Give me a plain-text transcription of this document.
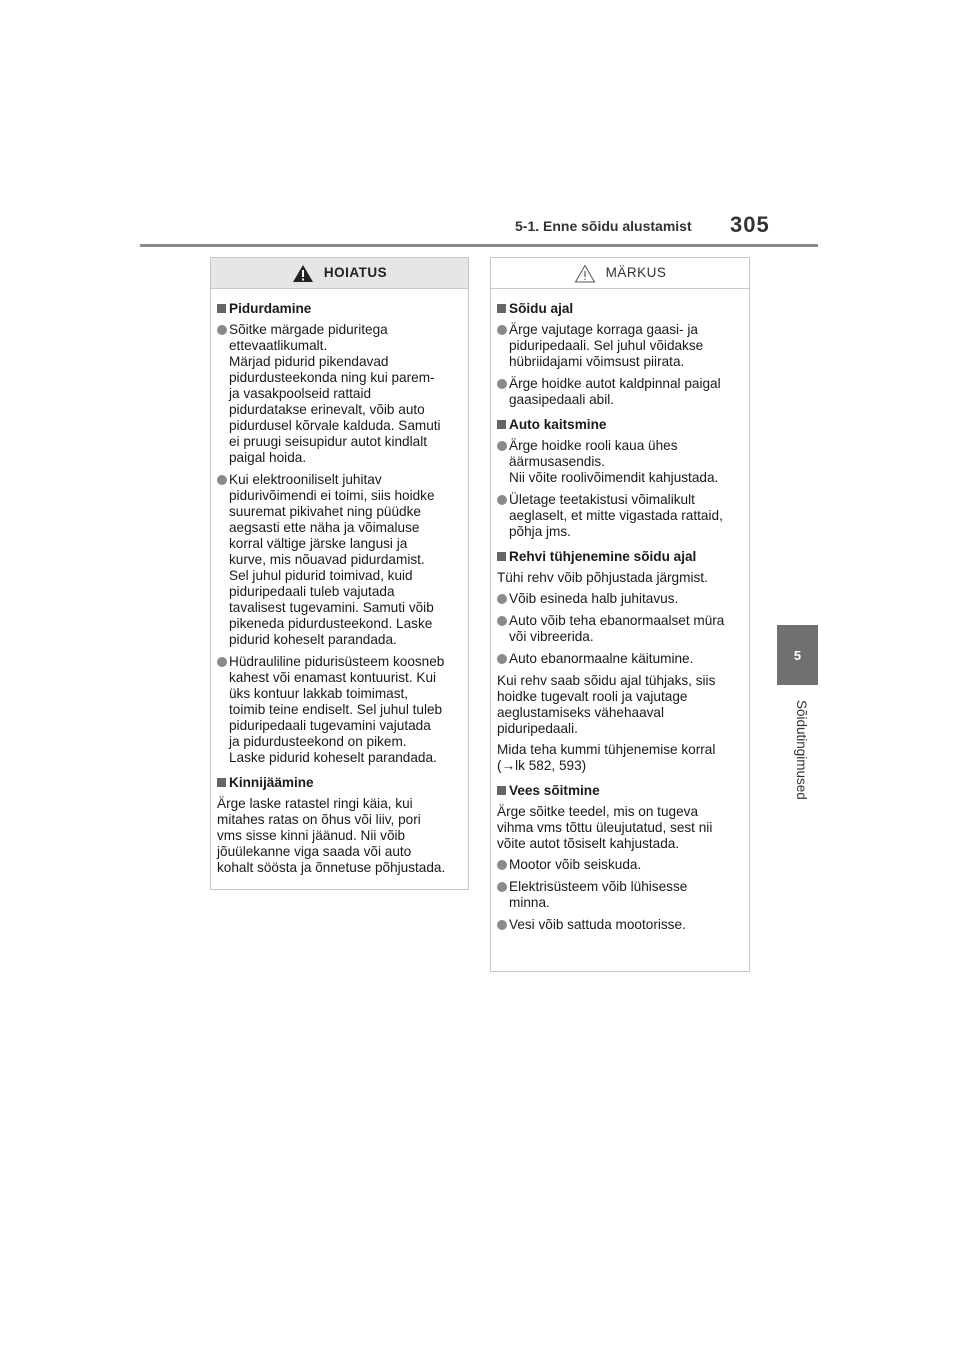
5-1. Enne sõidu alustamist 305
5
Sõidutingimused
HOIATUS
Pidurdamine

Sõitke märgade piduritega

ettevaatlikumalt.

Märjad pidurid pikendavad

pidurdusteekonda ning kui parem-

ja vasakpoolseid rattaid

pidurdatakse erinevalt, võib auto

pidurdusel kõrvale kalduda. Samuti

ei pruugi seisupidur autot kindlalt

paigal hoida.

Kui elektrooniliselt juhitav

pidurivõimendi ei toimi, siis hoidke

suuremat pikivahet ning püüdke

aegsasti ette näha ja võimaluse

korral vältige järske langusi ja

kurve, mis nõuavad pidurdamist.

Sel juhul pidurid toimivad, kuid

piduripedaali tuleb vajutada

tavalisest tugevamini. Samuti võib

pikeneda pidurdusteekond. Laske

pidurid koheselt parandada.

Hüdrauliline pidurisüsteem koosneb

kahest või enamast kontuurist. Kui

üks kontuur lakkab toimimast,

toimib teine endiselt. Sel juhul tuleb

piduripedaali tugevamini vajutada

ja pidurdusteekond on pikem.

Laske pidurid koheselt parandada.

Kinnijäämine

Ärge laske ratastel ringi käia, kui

mitahes ratas on õhus või liiv, pori

vms sisse kinni jäänud. Nii võib

jõuülekanne viga saada või auto

kohalt söösta ja õnnetuse põhjustada.

MÄRKUS
Sõidu ajal

Ärge vajutage korraga gaasi- ja

piduripedaali. Sel juhul võidakse

hübriidajami võimsust piirata.

Ärge hoidke autot kaldpinnal paigal

gaasipedaali abil.

Auto kaitsmine

Ärge hoidke rooli kaua ühes

äärmusasendis.

Nii võite roolivõimendit kahjustada.

Ületage teetakistusi võimalikult

aeglaselt, et mitte vigastada rattaid,

põhja jms.

Rehvi tühjenemine sõidu ajal

Tühi rehv võib põhjustada järgmist.

Võib esineda halb juhitavus.

Auto võib teha ebanormaalset müra

või vibreerida.

Auto ebanormaalne käitumine.

Kui rehv saab sõidu ajal tühjaks, siis

hoidke tugevalt rooli ja vajutage

aeglustamiseks vähehaaval

piduripedaali.

Mida teha kummi tühjenemise korral

(→lk 582, 593)

Vees sõitmine

Ärge sõitke teedel, mis on tugeva

vihma vms tõttu üleujutatud, sest nii

võite autot tõsiselt kahjustada.

Mootor võib seiskuda.

Elektrisüsteem võib lühisesse

minna.

Vesi võib sattuda mootorisse.
